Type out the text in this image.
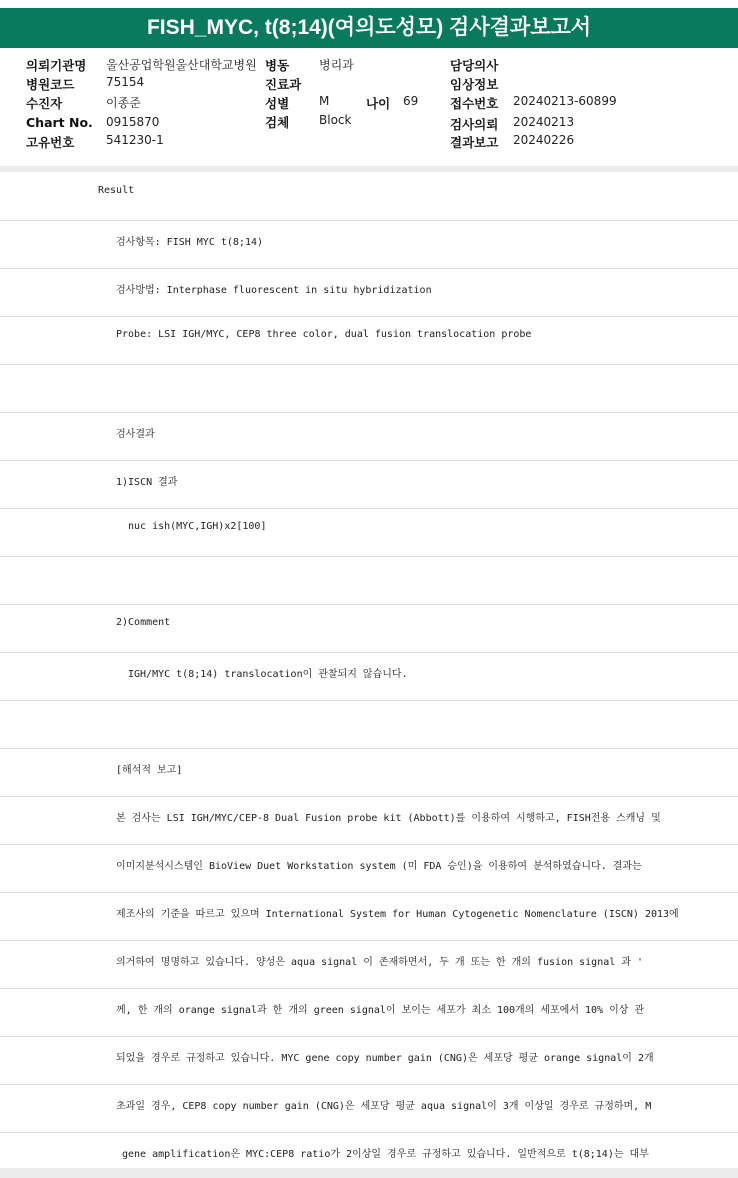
FISH_MYC, t(8;14)(여의도성모) 검사결과보고서
의뢰기관명 울산공업학원울산대학교병원
병원코드	75154
수진자	이종준
Chart No. 0915870
고유번호	541230-1
병동 병리과
진료과
성별 M	나이 69
검체 Block
담당의사
임상정보
접수번호 20240213-60899
검사의뢰 20240213
결과보고 20240226
Result
검사항목: FISH MYC t(8;14)
검사방법: Interphase fluorescent in situ hybridization
Probe: LSI IGH/MYC, CEP8 three color, dual fusion translocation probe
검사결과
1)ISCN 결과
nuc ish(MYC,IGH)x2[100]
2)Comment
IGH/MYC t(8;14) translocation이 관찰되지 않습니다.
[해석적 보고]
본 검사는 LSI IGH/MYC/CEP-8 Dual Fusion probe kit (Abbott)를 이용하여 시행하고, FISH전용 스캐닝 및
이미지분석시스템인 BioView Duet Workstation system (미 FDA 승인)을 이용하여 분석하였습니다. 결과는
제조사의 기준을 따르고 있으며 International System for Human Cytogenetic Nomenclature (ISCN) 2013에
의거하여 명명하고 있습니다. 양성은 aqua signal 이 존재하면서, 두 개 또는 한 개의 fusion signal 과 '
께, 한 개의 orange signal과 한 개의 green signal이 보이는 세포가 최소 100개의 세포에서 10% 이상 관
되었을 경우로 규정하고 있습니다. MYC gene copy number gain (CNG)은 세포당 평균 orange signal이 2개
초과일 경우, CEP8 copy number gain (CNG)은 세포당 평균 aqua signal이 3개 이상일 경우로 규정하며, M
gene amplification은 MYC:CEP8 ratio가 2이상일 경우로 규정하고 있습니다. 일반적으로 t(8;14)는 대부
